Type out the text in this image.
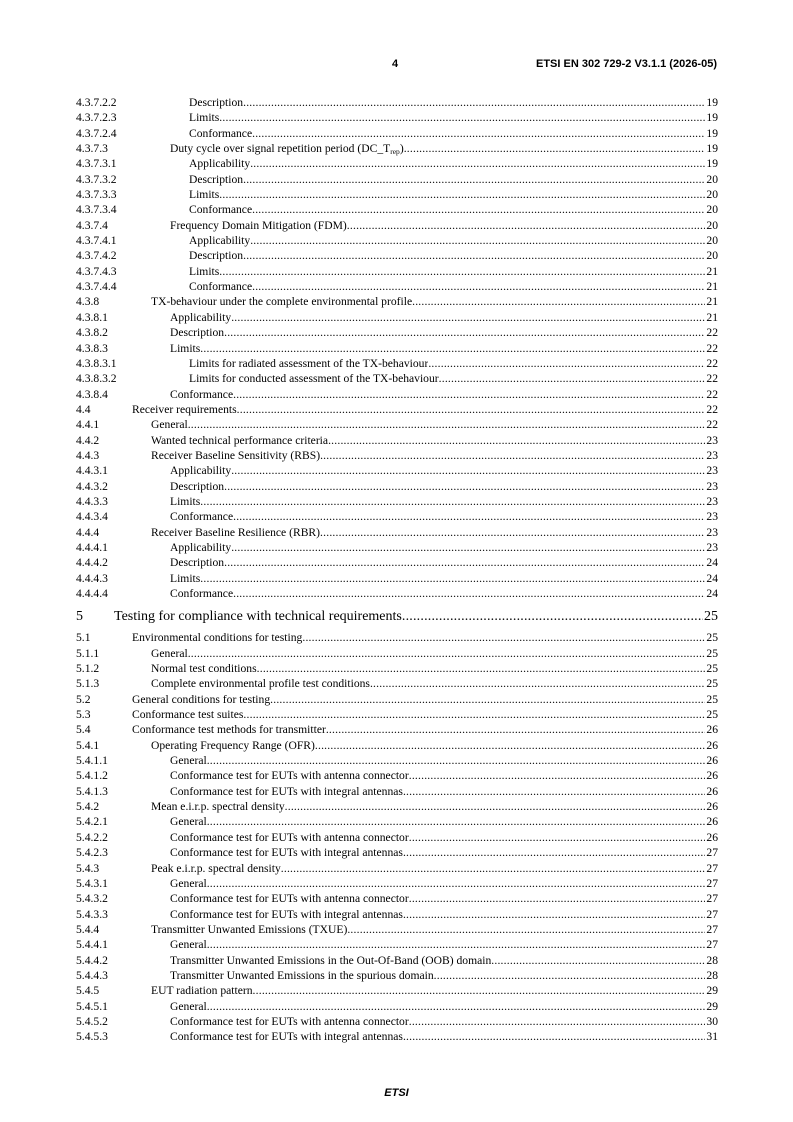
4	ETSI EN 302 729-2 V3.1.1 (2026-05)
4.3.7.2.2	Description .....	19
4.3.7.2.3	Limits .....	19
4.3.7.2.4	Conformance .....	19
4.3.7.3	Duty cycle over signal repetition period $(DC\_T_{rep})$ .....	19
4.3.7.3.1	Applicability .....	19
4.3.7.3.2	Description .....	20
4.3.7.3.3	Limits .....	20
4.3.7.3.4	Conformance .....	20
4.3.7.4	Frequency Domain Mitigation (FDM) .....	20
4.3.7.4.1	Applicability .....	20
4.3.7.4.2	Description .....	20
4.3.7.4.3	Limits .....	21
4.3.7.4.4	Conformance .....	21
4.3.8	TX-behaviour under the complete environmental profile .....	21
4.3.8.1	Applicability .....	21
4.3.8.2	Description .....	22
4.3.8.3	Limits .....	22
4.3.8.3.1	Limits for radiated assessment of the TX-behaviour .....	22
4.3.8.3.2	Limits for conducted assessment of the TX-behaviour .....	22
4.3.8.4	Conformance .....	22
4.4	Receiver requirements .....	22
4.4.1	General .....	22
4.4.2	Wanted technical performance criteria .....	23
4.4.3	Receiver Baseline Sensitivity (RBS) .....	23
4.4.3.1	Applicability .....	23
4.4.3.2	Description .....	23
4.4.3.3	Limits .....	23
4.4.3.4	Conformance .....	23
4.4.4	Receiver Baseline Resilience (RBR) .....	23
4.4.4.1	Applicability .....	23
4.4.4.2	Description .....	24
4.4.4.3	Limits .....	24
4.4.4.4	Conformance .....	24
5	Testing for compliance with technical requirements .....	25
5.1	Environmental conditions for testing .....	25
5.1.1	General .....	25
5.1.2	Normal test conditions .....	25
5.1.3	Complete environmental profile test conditions .....	25
5.2	General conditions for testing .....	25
5.3	Conformance test suites .....	25
5.4	Conformance test methods for transmitter .....	26
5.4.1	Operating Frequency Range (OFR) .....	26
5.4.1.1	General .....	26
5.4.1.2	Conformance test for EUTs with antenna connector .....	26
5.4.1.3	Conformance test for EUTs with integral antennas .....	26
5.4.2	Mean e.i.r.p. spectral density .....	26
5.4.2.1	General .....	26
5.4.2.2	Conformance test for EUTs with antenna connector .....	26
5.4.2.3	Conformance test for EUTs with integral antennas .....	27
5.4.3	Peak e.i.r.p. spectral density .....	27
5.4.3.1	General .....	27
5.4.3.2	Conformance test for EUTs with antenna connector .....	27
5.4.3.3	Conformance test for EUTs with integral antennas .....	27
5.4.4	Transmitter Unwanted Emissions (TXUE) .....	27
5.4.4.1	General .....	27
5.4.4.2	Transmitter Unwanted Emissions in the Out-Of-Band (OOB) domain .....	28
5.4.4.3	Transmitter Unwanted Emissions in the spurious domain .....	28
5.4.5	EUT radiation pattern .....	29
5.4.5.1	General .....	29
5.4.5.2	Conformance test for EUTs with antenna connector .....	30
5.4.5.3	Conformance test for EUTs with integral antennas .....	31
ETSI
